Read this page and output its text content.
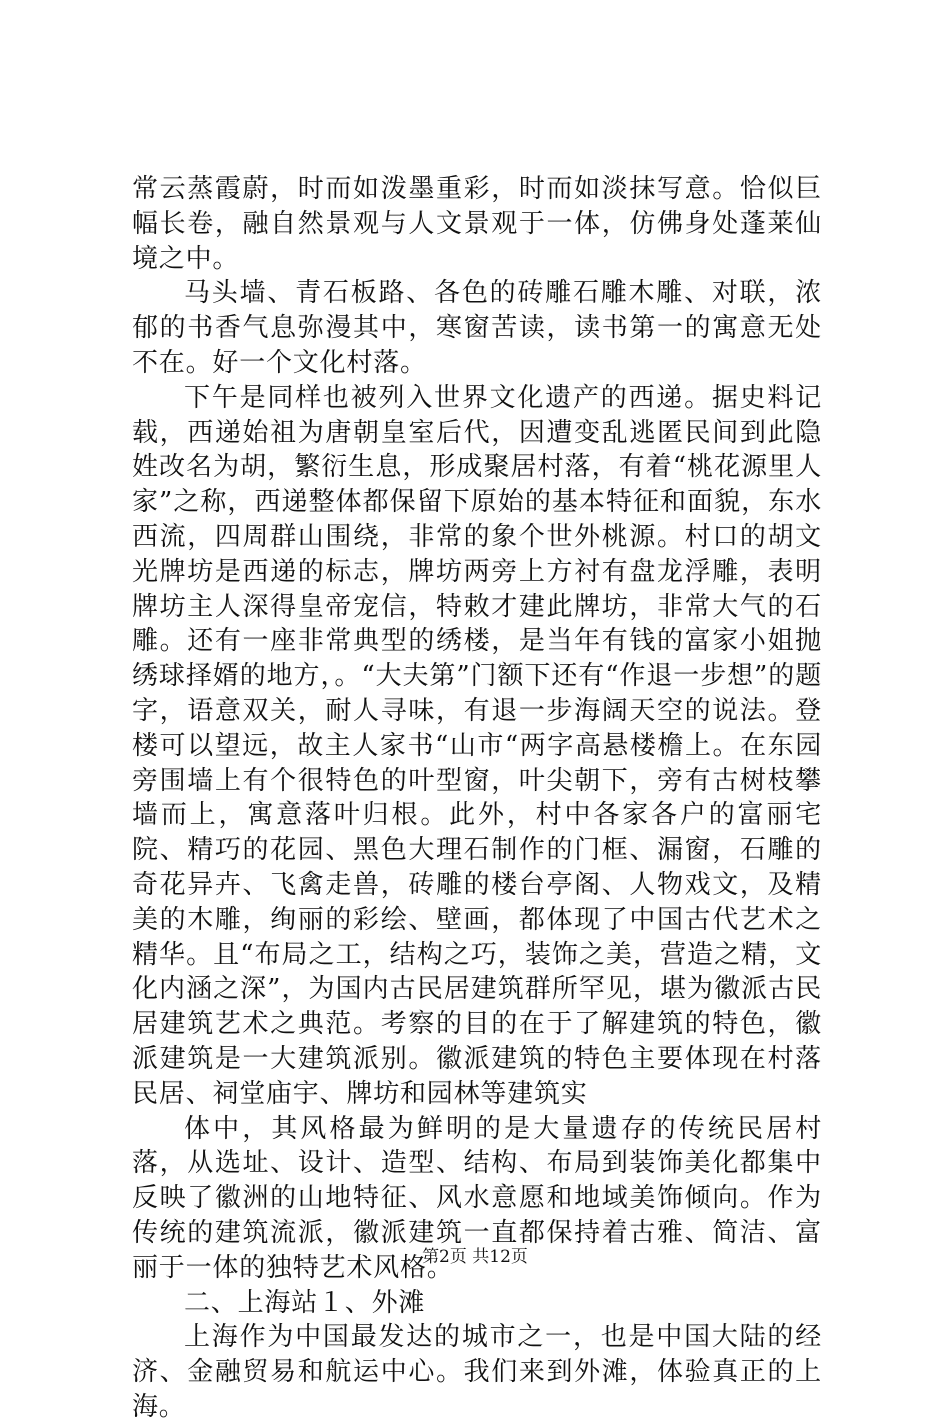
常云蒸霞蔚，时而如泼墨重彩，时而如淡抹写意。恰似巨幅长卷，融自然景观与人文景观于一体，仿佛身处蓬莱仙境之中。

马头墙、青石板路、各色的砖雕石雕木雕、对联，浓郁的书香气息弥漫其中，寒窗苦读，读书第一的寓意无处不在。好一个文化村落。

下午是同样也被列入世界文化遗产的西递。据史料记载，西递始祖为唐朝皇室后代，因遭变乱逃匿民间到此隐姓改名为胡，繁衍生息，形成聚居村落，有着“桃花源里人家”之称，西递整体都保留下原始的基本特征和面貌，东水西流，四周群山围绕，非常的象个世外桃源。村口的胡文光牌坊是西递的标志，牌坊两旁上方衬有盘龙浮雕，表明牌坊主人深得皇帝宠信，特敕才建此牌坊，非常大气的石雕。还有一座非常典型的绣楼，是当年有钱的富家小姐抛绣球择婿的地方，。“大夫第”门额下还有“作退一步想”的题字，语意双关，耐人寻味，有退一步海阔天空的说法。登楼可以望远，故主人家书“山市“两字高悬楼檐上。在东园旁围墙上有个很特色的叶型窗，叶尖朝下，旁有古树枝攀墙而上，寓意落叶归根。此外，村中各家各户的富丽宅院、精巧的花园、黑色大理石制作的门框、漏窗，石雕的奇花异卉、飞禽走兽，砖雕的楼台亭阁、人物戏文，及精美的木雕，绚丽的彩绘、壁画，都体现了中国古代艺术之精华。且“布局之工，结构之巧，装饰之美，营造之精，文化内涵之深”，为国内古民居建筑群所罕见，堪为徽派古民居建筑艺术之典范。考察的目的在于了解建筑的特色，徽派建筑是一大建筑派别。徽派建筑的特色主要体现在村落民居、祠堂庙宇、牌坊和园林等建筑实

体中，其风格最为鲜明的是大量遗存的传统民居村落，从选址、设计、造型、结构、布局到装饰美化都集中反映了徽洲的山地特征、风水意愿和地域美饰倾向。作为传统的建筑流派，徽派建筑一直都保持着古雅、简洁、富丽于一体的独特艺术风格。

二、上海站１、外滩

上海作为中国最发达的城市之一，也是中国大陆的经济、金融贸易和航运中心。我们来到外滩，体验真正的上海。

第2页 共12页
